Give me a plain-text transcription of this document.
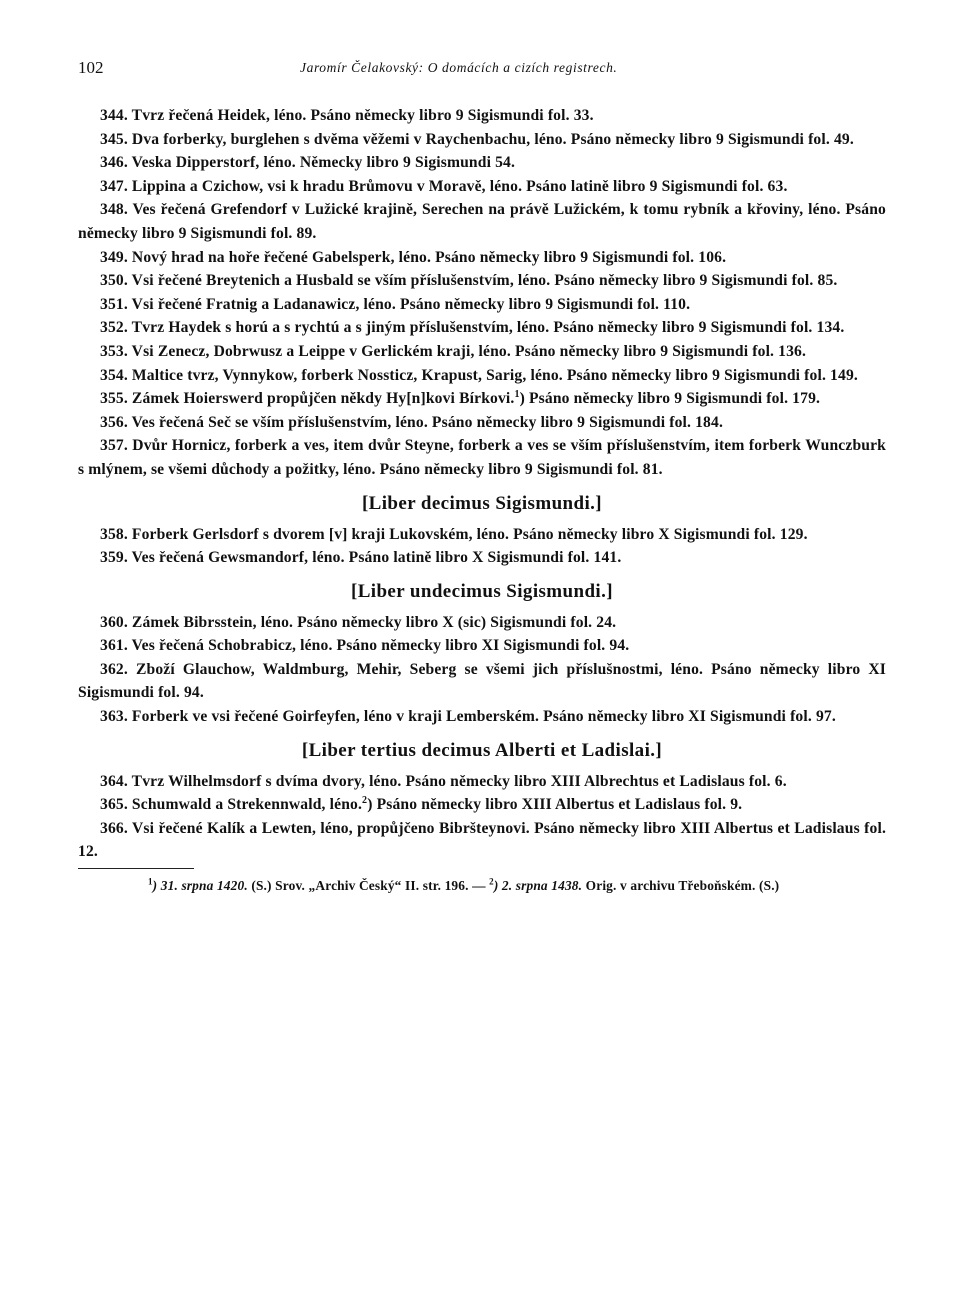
102	Jaromír Čelakovský: O domácích a cizích registrech.

344. Tvrz řečená Heidek, léno. Psáno německy libro 9 Sigismundi fol. 33.

345. Dva forberky, burglehen s dvěma věžemi v Raychenbachu, léno. Psáno německy libro 9 Sigismundi fol. 49.

346. Veska Dipperstorf, léno. Německy libro 9 Sigismundi 54.

347. Lippina a Czichow, vsi k hradu Brůmovu v Moravě, léno. Psáno latině libro 9 Sigismundi fol. 63.

348. Ves řečená Grefendorf v Lužické krajině, Serechen na právě Lužickém, k tomu rybník a křoviny, léno. Psáno německy libro 9 Sigismundi fol. 89.

349. Nový hrad na hoře řečené Gabelsperk, léno. Psáno německy libro 9 Sigismundi fol. 106.

350. Vsi řečené Breytenich a Husbald se vším příslušenstvím, léno. Psáno německy libro 9 Sigismundi fol. 85.

351. Vsi řečené Fratnig a Ladanawicz, léno. Psáno německy libro 9 Sigismundi fol. 110.

352. Tvrz Haydek s horú a s rychtú a s jiným příslušenstvím, léno. Psáno německy libro 9 Sigismundi fol. 134.

353. Vsi Zenecz, Dobrwusz a Leippe v Gerlickém kraji, léno. Psáno německy libro 9 Sigismundi fol. 136.

354. Maltice tvrz, Vynnykow, forberk Nossticz, Krapust, Sarig, léno. Psáno německy libro 9 Sigismundi fol. 149.

355. Zámek Hoierswerd propůjčen někdy Hy[n]kovi Bírkovi.$^1$) Psáno německy libro 9 Sigismundi fol. 179.

356. Ves řečená Seč se vším příslušenstvím, léno. Psáno německy libro 9 Sigismundi fol. 184.

357. Dvůr Hornicz, forberk a ves, item dvůr Steyne, forberk a ves se vším příslušenstvím, item forberk Wunczburk s mlýnem, se všemi důchody a požitky, léno. Psáno německy libro 9 Sigismundi fol. 81.

[Liber decimus Sigismundi.]

358. Forberk Gerlsdorf s dvorem [v] kraji Lukovském, léno. Psáno německy libro X Sigismundi fol. 129.

359. Ves řečená Gewsmandorf, léno. Psáno latině libro X Sigismundi fol. 141.

[Liber undecimus Sigismundi.]

360. Zámek Bibrsstein, léno. Psáno německy libro X (sic) Sigismundi fol. 24.

361. Ves řečená Schobrabicz, léno. Psáno německy libro XI Sigismundi fol. 94.

362. Zboží Glauchow, Waldmburg, Mehir, Seberg se všemi jich příslušnostmi, léno. Psáno německy libro XI Sigismundi fol. 94.

363. Forberk ve vsi řečené Goirfeyfen, léno v kraji Lemberském. Psáno německy libro XI Sigismundi fol. 97.

[Liber tertius decimus Alberti et Ladislai.]

364. Tvrz Wilhelmsdorf s dvíma dvory, léno. Psáno německy libro XIII Albrechtus et Ladislaus fol. 6.

365. Schumwald a Strekennwald, léno.$^2$) Psáno německy libro XIII Albertus et Ladislaus fol. 9.

366. Vsi řečené Kalík a Lewten, léno, propůjčeno Bibršteynovi. Psáno německy libro XIII Albertus et Ladislaus fol. 12.

$^1$) 31. srpna 1420. (S.) Srov. „Archiv Český“ II. str. 196. — $^2$) 2. srpna 1438. Orig. v archivu Třeboňském. (S.)
